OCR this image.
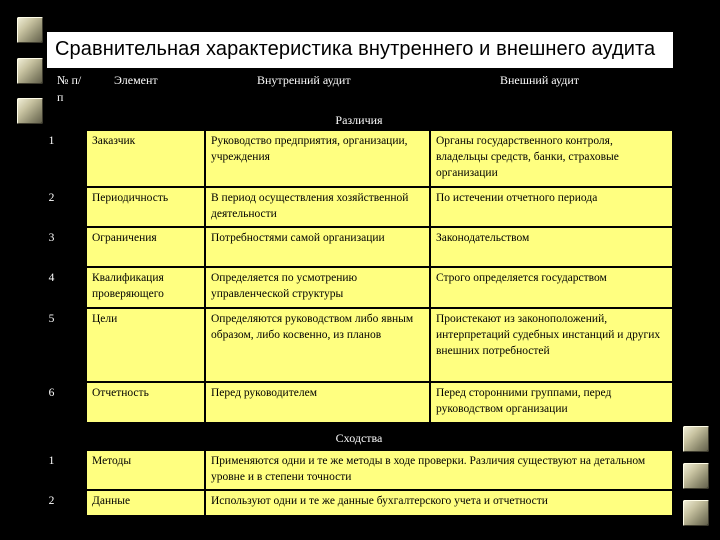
Сравнительная характеристика внутреннего и внешнего аудита
№ п/п
Элемент	Внутренний аудит	Внешний аудит
Различия
1	Заказчик	Руководство предприятия, организации, учреждения	Органы государственного контроля, владельцы средств, банки, страховые организации
2	Периодичность	В период осуществления хозяйственной деятельности	По истечении отчетного периода
3	Ограничения	Потребностями самой организации	Законодательством
4	Квалификация проверяющего	Определяется по усмотрению управленческой структуры	Строго определяется государством
5	Цели	Определяются руководством либо явным образом, либо косвенно, из планов	Проистекают из законоположений, интерпретаций судебных инстанций и других внешних потребностей
6	Отчетность	Перед руководителем	Перед сторонними группами, перед руководством организации
Сходства
1	Методы	Применяются одни и те же методы в ходе проверки. Различия существуют на детальном уровне и в степени точности
2	Данные	Используют одни и те же данные бухгалтерского учета и отчетности
